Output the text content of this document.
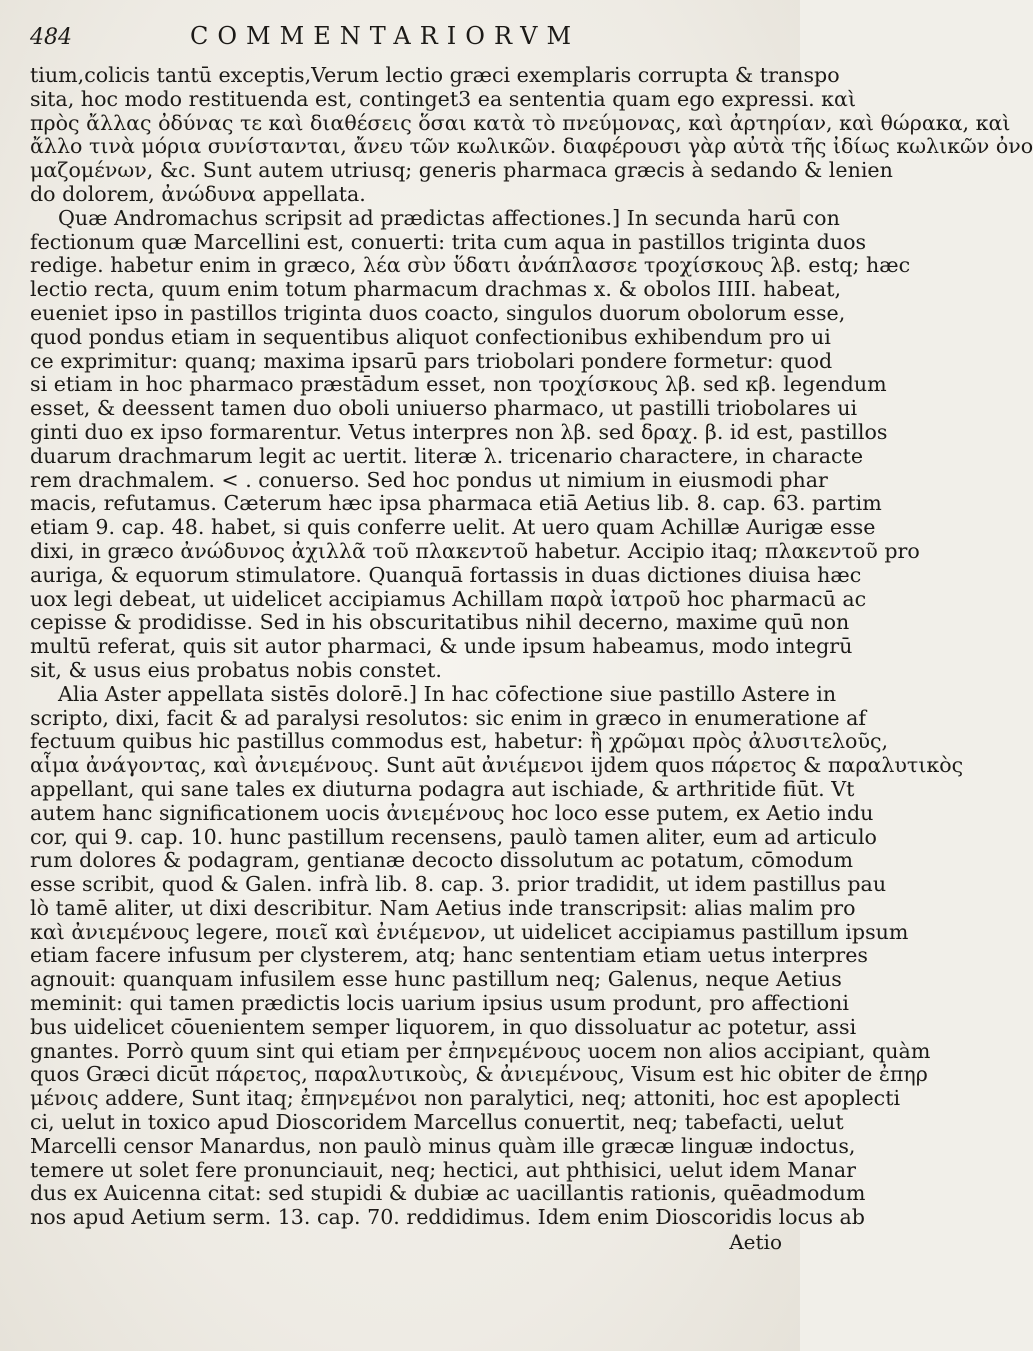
484	COMMENTARIORVM
tium,colicis tantū exceptis,Verum lectio græci exemplaris corrupta & transpo
sita, hoc modo restituenda est, continget3 ea sententia quam ego expressi. καὶ
πρὸς ἄλλας ὀδύνας τε καὶ διαθέσεις ὅσαι κατὰ τὸ πνεύμονας, καὶ ἀρτηρίαν, καὶ θώρακα, καὶ
ἄλλο τινὰ μόρια συνίστανται, ἄνευ τῶν κωλικῶν. διαφέρουσι γὰρ αὐτὰ τῆς ἰδίως κωλικῶν ὀνο
μαζομένων, &c. Sunt autem utriusq; generis pharmaca græcis à sedando & lenien
do dolorem, ἀνώδυνα appellata.
Quæ Andromachus scripsit ad prædictas affectiones.] In secunda harū con
fectionum quæ Marcellini est, conuerti: trita cum aqua in pastillos triginta duos
redige. habetur enim in græco, λέα σὺν ὕδατι ἀνάπλασσε τροχίσκους λβ. estq; hæc
lectio recta, quum enim totum pharmacum drachmas x. & obolos IIII. habeat,
eueniet ipso in pastillos triginta duos coacto, singulos duorum obolorum esse,
quod pondus etiam in sequentibus aliquot confectionibus exhibendum pro ui
ce exprimitur: quanq; maxima ipsarū pars triobolari pondere formetur: quod
si etiam in hoc pharmaco præstādum esset, non τροχίσκους λβ. sed κβ. legendum
esset, & deessent tamen duo oboli uniuerso pharmaco, ut pastilli triobolares ui
ginti duo ex ipso formarentur. Vetus interpres non λβ. sed δραχ. β. id est, pastillos
duarum drachmarum legit ac uertit. literæ λ. tricenario charactere, in characte
rem drachmalem. < . conuerso. Sed hoc pondus ut nimium in eiusmodi phar
macis, refutamus. Cæterum hæc ipsa pharmaca etiā Aetius lib. 8. cap. 63. partim
etiam 9. cap. 48. habet, si quis conferre uelit. At uero quam Achillæ Aurigæ esse
dixi, in græco ἀνώδυνος ἀχιλλᾶ τοῦ πλακεντοῦ habetur. Accipio itaq; πλακεντοῦ pro
auriga, & equorum stimulatore. Quanquā fortassis in duas dictiones diuisa hæc
uox legi debeat, ut uidelicet accipiamus Achillam παρὰ ἰατροῦ hoc pharmacū ac
cepisse & prodidisse. Sed in his obscuritatibus nihil decerno, maxime quū non
multū referat, quis sit autor pharmaci, & unde ipsum habeamus, modo integrū
sit, & usus eius probatus nobis constet.
Alia Aster appellata sistēs dolorē.] In hac cōfectione siue pastillo Astere in
scripto, dixi, facit & ad paralysi resolutos: sic enim in græco in enumeratione af
fectuum quibus hic pastillus commodus est, habetur: ἢ χρῶμαι πρὸς ἀλυσιτελοῦς,
αἷμα ἀνάγοντας, καὶ ἀνιεμένους. Sunt aūt ἀνιέμενοι ijdem quos πάρετος & παραλυτικὸς
appellant, qui sane tales ex diuturna podagra aut ischiade, & arthritide fiūt. Vt
autem hanc significationem uocis ἀνιεμένους hoc loco esse putem, ex Aetio indu
cor, qui 9. cap. 10. hunc pastillum recensens, paulò tamen aliter, eum ad articulo
rum dolores & podagram, gentianæ decocto dissolutum ac potatum, cōmodum
esse scribit, quod & Galen. infrà lib. 8. cap. 3. prior tradidit, ut idem pastillus pau
lò tamē aliter, ut dixi describitur. Nam Aetius inde transcripsit: alias malim pro
καὶ ἀνιεμένους legere, ποιεῖ καὶ ἐνιέμενον, ut uidelicet accipiamus pastillum ipsum
etiam facere infusum per clysterem, atq; hanc sententiam etiam uetus interpres
agnouit: quanquam infusilem esse hunc pastillum neq; Galenus, neque Aetius
meminit: qui tamen prædictis locis uarium ipsius usum produnt, pro affectioni
bus uidelicet cōuenientem semper liquorem, in quo dissoluatur ac potetur, assi
gnantes. Porrò quum sint qui etiam per ἐπηνεμένους uocem non alios accipiant, quàm
quos Græci dicūt πάρετος, παραλυτικοὺς, & ἀνιεμένους, Visum est hic obiter de ἐπηρ
μένοις addere, Sunt itaq; ἐπηνεμένοι non paralytici, neq; attoniti, hoc est apoplecti
ci, uelut in toxico apud Dioscoridem Marcellus conuertit, neq; tabefacti, uelut
Marcelli censor Manardus, non paulò minus quàm ille græcæ linguæ indoctus,
temere ut solet fere pronunciauit, neq; hectici, aut phthisici, uelut idem Manar
dus ex Auicenna citat: sed stupidi & dubiæ ac uacillantis rationis, quēadmodum
nos apud Aetium serm. 13. cap. 70. reddidimus. Idem enim Dioscoridis locus ab
Aetio
